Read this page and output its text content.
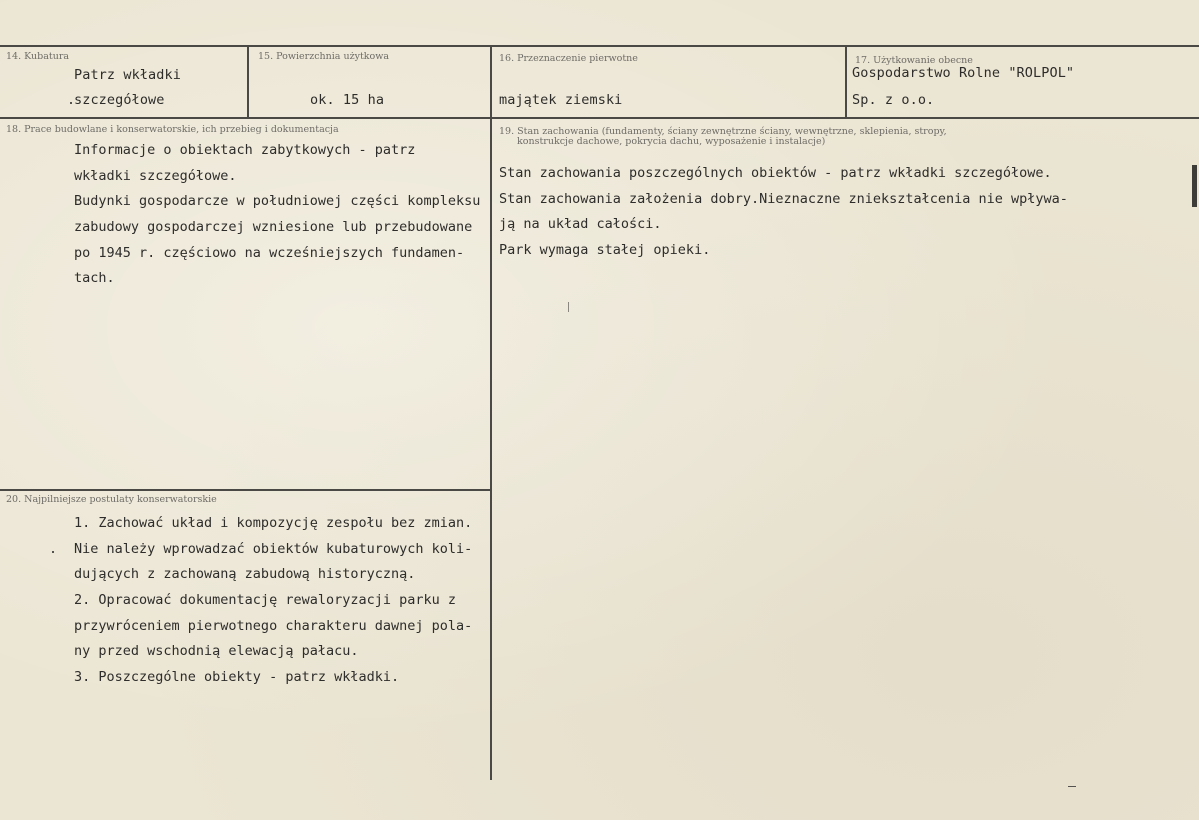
14. Kubatura
Patrz wkładki
szczegółowe
15. Powierzchnia użytkowa
ok. 15 ha
16. Przeznaczenie pierwotne
majątek ziemski
17. Użytkowanie obecne
Gospodarstwo Rolne "ROLPOL"
Sp. z o.o.
18. Prace budowlane i konserwatorskie, ich przebieg i dokumentacja
Informacje o obiektach zabytkowych - patrz
wkładki szczegółowe.
Budynki gospodarcze w południowej części kompleksu
zabudowy gospodarczej wzniesione lub przebudowane
po 1945 r. częściowo na wcześniejszych fundamen-
tach.
19. Stan zachowania (fundamenty, ściany zewnętrzne ściany, wewnętrzne, sklepienia, stropy,
konstrukcje dachowe, pokrycia dachu, wyposażenie i instalacje)
Stan zachowania poszczególnych obiektów - patrz wkładki szczegółowe.
Stan zachowania założenia dobry.Nieznaczne zniekształcenia nie wpływa-
ją na układ całości.
Park wymaga stałej opieki.
20. Najpilniejsze postulaty konserwatorskie
1. Zachować układ i kompozycję zespołu bez zmian.
Nie należy wprowadzać obiektów kubaturowych koli-
dujących z zachowaną zabudową historyczną.
2. Opracować dokumentację rewaloryzacji parku z
przywróceniem pierwotnego charakteru dawnej pola-
ny przed wschodnią elewacją pałacu.
3. Poszczególne obiekty - patrz wkładki.
